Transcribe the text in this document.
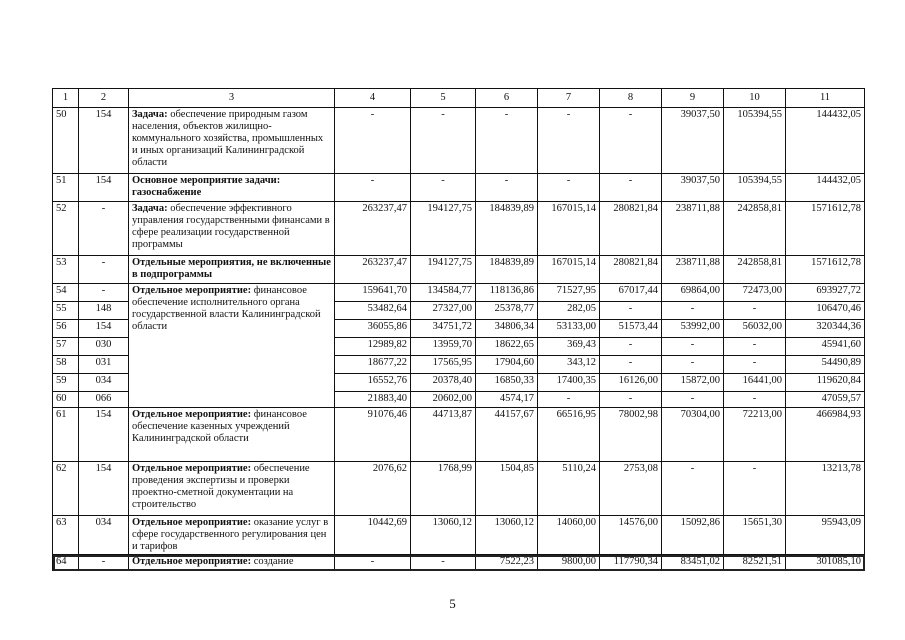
1	2	3	4	5	6	7	8	9	10	11
50	154	Задача: обеспечение природным газом населения, объектов жилищно-коммунального хозяйства, промышленных и иных организаций Калининградской области	-	-	-	-	-	39037,50	105394,55	144432,05
51	154	Основное мероприятие задачи: газоснабжение	-	-	-	-	-	39037,50	105394,55	144432,05
52	-	Задача: обеспечение эффективного управления государственными финансами в сфере реализации государственной программы	263237,47	194127,75	184839,89	167015,14	280821,84	238711,88	242858,81	1571612,78
53	-	Отдельные мероприятия, не включенные в подпрограммы	263237,47	194127,75	184839,89	167015,14	280821,84	238711,88	242858,81	1571612,78
54	-	Отдельное мероприятие: финансовое обеспечение исполнительного органа государственной власти Калининградской области	159641,70	134584,77	118136,86	71527,95	67017,44	69864,00	72473,00	693927,72
55	148		53482,64	27327,00	25378,77	282,05	-	-	-	106470,46
56	154		36055,86	34751,72	34806,34	53133,00	51573,44	53992,00	56032,00	320344,36
57	030		12989,82	13959,70	18622,65	369,43	-	-	-	45941,60
58	031		18677,22	17565,95	17904,60	343,12	-	-	-	54490,89
59	034		16552,76	20378,40	16850,33	17400,35	16126,00	15872,00	16441,00	119620,84
60	066		21883,40	20602,00	4574,17	-	-	-	-	47059,57
61	154	Отдельное мероприятие: финансовое обеспечение казенных учреждений Калининградской области	91076,46	44713,87	44157,67	66516,95	78002,98	70304,00	72213,00	466984,93
62	154	Отдельное мероприятие: обеспечение проведения экспертизы и проверки проектно-сметной документации на строительство	2076,62	1768,99	1504,85	5110,24	2753,08	-	-	13213,78
63	034	Отдельное мероприятие: оказание услуг в сфере государственного регулирования цен и тарифов	10442,69	13060,12	13060,12	14060,00	14576,00	15092,86	15651,30	95943,09
64	-	Отдельное мероприятие: создание	-	-	7522,23	9800,00	117790,34	83451,02	82521,51	301085,10
5
